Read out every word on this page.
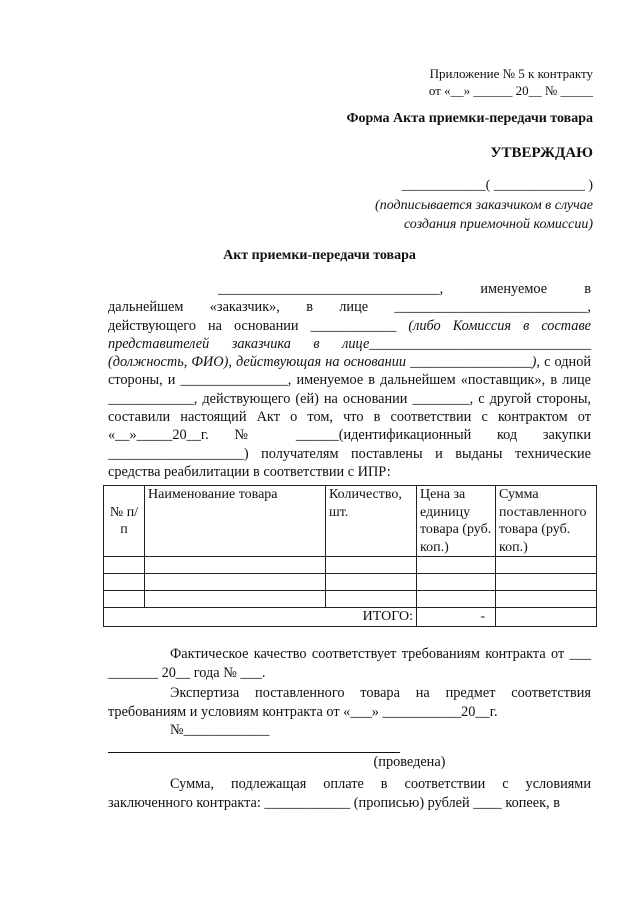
Приложение № 5 к контракту
от «__» ______ 20__ № _____
Форма Акта приемки-передачи товара
УТВЕРЖДАЮ
____________( _____________ )
(подписывается заказчиком в случае
создания приемочной комиссии)
Акт приемки-передачи товара

_______________________________, именуемое в дальнейшем «заказчик», в лице ___________________________, действующего на основании ____________ (либо Комиссия в составе представителей заказчика в лице_______________________________ (должность, ФИО), действующая на основании _________________), с одной стороны, и _______________, именуемое в дальнейшем «поставщик», в лице ____________, действующего (ей) на основании ________, с другой стороны, составили настоящий Акт о том, что в соответствии с контрактом от «__»_____20__г. № ______(идентификационный код закупки ___________________) получателям поставлены и выданы технические средства реабилитации в соответствии с ИПР:

№ п/п	Наименование товара	Количество, шт.	Цена за единицу товара (руб. коп.)	Сумма поставленного товара (руб. коп.)

ИТОГО:			-	

Фактическое качество соответствует требованиям контракта от ___ _______ 20__ года № ___.

Экспертиза поставленного товара на предмет соответствия требованиям и условиям контракта от «___» ___________20__г.

№____________

(проведена)

Сумма, подлежащая оплате в соответствии с условиями заключенного контракта: ____________ (прописью) рублей ____ копеек, в
